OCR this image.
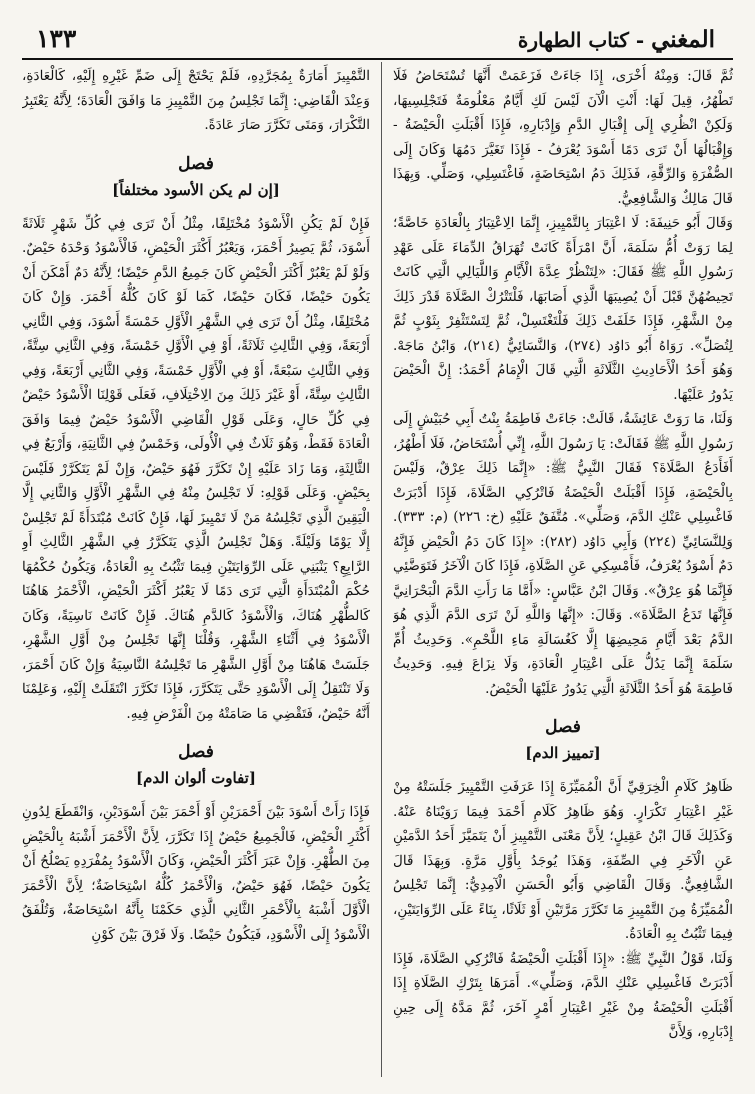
المغني - كتاب الطهارة
١٣٣

ثُمَّ قَالَ: وَمِنْهُ أُخْرَى، إِذَا جَاءَتْ فَزَعَمَتْ أَنَّهَا تُسْتَحَاضُ فَلَا تَطْهُرُ، قِيلَ لَهَا: أَنْتِ الْآنَ لَيْسَ لَكِ أَيَّامٌ مَعْلُومَةٌ فَتَجْلِسِيهَا، وَلَكِنْ انْظُرِي إِلَى إِقْبَالِ الدَّمِ وَإِدْبَارِهِ، فَإِذَا أَقْبَلَتِ الْحَيْضَةُ - وَإِقْبَالُهَا أَنْ تَرَى دَمًا أَسْوَدَ يُعْرَفُ - فَإِذَا تَغَيَّرَ دَمُهَا وَكَانَ إِلَى الصُّفْرَةِ وَالرِّقَّةِ، فَذَلِكَ دَمُ اسْتِحَاضَةٍ، فَاغْتَسِلِي، وَصَلِّي. وَبِهَذَا قَالَ مَالِكٌ وَالشَّافِعِيُّ.

وَقَالَ أَبُو حَنِيفَةَ: لَا اعْتِبَارَ بِالتَّمْيِيزِ، إِنَّمَا الِاعْتِبَارُ بِالْعَادَةِ خَاصَّةً؛ لِمَا رَوَتْ أُمُّ سَلَمَةَ، أَنَّ امْرَأَةً كَانَتْ تُهَرَاقُ الدِّمَاءَ عَلَى عَهْدِ رَسُولِ اللَّهِ ﷺ فَقَالَ: «لِتَنْظُرْ عِدَّةَ الْأَيَّامِ وَاللَّيَالِي الَّتِي كَانَتْ تَحِيضُهُنَّ قَبْلَ أَنْ يُصِيبَهَا الَّذِي أَصَابَهَا، فَلْتَتْرُكْ الصَّلَاةَ قَدْرَ ذَلِكَ مِنْ الشَّهْرِ، فَإِذَا خَلَفَتْ ذَلِكَ فَلْتَغْتَسِلْ، ثُمَّ لِتَسْتَثْفِرْ بِثَوْبٍ ثُمَّ لِتُصَلِّ». رَوَاهُ أَبُو دَاوُد (٢٧٤)، وَالنَّسَائِيُّ (٢١٤)، وَابْنُ مَاجَهْ. وَهُوَ أَحَدُ الْأَحَادِيثِ الثَّلَاثَةِ الَّتِي قَالَ الْإِمَامُ أَحْمَدُ: إِنَّ الْحَيْضَ يَدُورُ عَلَيْهَا.

وَلَنَا، مَا رَوَتْ عَائِشَةُ، قَالَتْ: جَاءَتْ فَاطِمَةُ بِنْتُ أَبِي حُبَيْشٍ إِلَى رَسُولِ اللَّهِ ﷺ فَقَالَتْ: يَا رَسُولَ اللَّهِ، إِنِّي أُسْتَحَاضُ، فَلَا أَطْهُرُ، أَفَأَدَعُ الصَّلَاةَ؟ فَقَالَ النَّبِيُّ ﷺ: «إِنَّمَا ذَلِكَ عِرْقٌ، وَلَيْسَ بِالْحَيْضَةِ، فَإِذَا أَقْبَلَتْ الْحَيْضَةُ فَاتْرُكِي الصَّلَاةَ، فَإِذَا أَدْبَرَتْ فَاغْسِلِي عَنْكِ الدَّمَ، وَصَلِّي». مُتَّفَقٌ عَلَيْهِ (خ: ٢٢٦) (م: ٣٣٣). وَلِلنَّسَائِيِّ (٢٢٤) وَأَبِي دَاوُد (٢٨٢): «إِذَا كَانَ دَمُ الْحَيْضِ فَإِنَّهُ دَمٌ أَسْوَدُ يُعْرَفُ، فَأَمْسِكِي عَنِ الصَّلَاةِ، فَإِذَا كَانَ الْآخَرُ فَتَوَضَّئِي فَإِنَّمَا هُوَ عِرْقٌ». وَقَالَ ابْنُ عَبَّاسٍ: «أَمَّا مَا رَأَتِ الدَّمَ الْبَحْرَانِيَّ فَإِنَّهَا تَدَعُ الصَّلَاةَ». وَقَالَ: «إِنَّهَا وَاللَّهِ لَنْ تَرَى الدَّمَ الَّذِي هُوَ الدَّمُ بَعْدَ أَيَّامِ مَحِيضِهَا إِلَّا كَغُسَالَةِ مَاءِ اللَّحْمِ». وَحَدِيثُ أُمِّ سَلَمَةَ إِنَّمَا يَدُلُّ عَلَى اعْتِبَارِ الْعَادَةِ، وَلَا نِزَاعَ فِيهِ. وَحَدِيثُ فَاطِمَةَ هُوَ أَحَدُ الثَّلَاثَةِ الَّتِي يَدُورُ عَلَيْهَا الْحَيْضُ.

فصل
[تمييز الدم]

ظَاهِرُ كَلَامِ الْخِرَقِيِّ أَنَّ الْمُمَيِّزَةَ إِذَا عَرَفَتِ التَّمْيِيزَ جَلَسَتْهُ مِنْ غَيْرِ اعْتِبَارِ تَكْرَارٍ. وَهُوَ ظَاهِرُ كَلَامِ أَحْمَدَ فِيمَا رَوَيْنَاهُ عَنْهُ. وَكَذَلِكَ قَالَ ابْنُ عَقِيلٍ؛ لِأَنَّ مَعْنَى التَّمْيِيزِ أَنْ يَتَمَيَّزَ أَحَدُ الدَّمَيْنِ عَنِ الْآخَرِ فِي الصِّفَةِ، وَهَذَا يُوجَدُ بِأَوَّلِ مَرَّةٍ. وَبِهَذَا قَالَ الشَّافِعِيُّ. وَقَالَ الْقَاضِي وَأَبُو الْحَسَنِ الْآمِدِيُّ: إِنَّمَا تَجْلِسُ الْمُمَيِّزَةُ مِنَ التَّمْيِيزِ مَا تَكَرَّرَ مَرَّتَيْنِ أَوْ ثَلَاثًا، بِنَاءً عَلَى الرِّوَايَتَيْنِ، فِيمَا تَثْبُتُ بِهِ الْعَادَةُ.

وَلَنَا، قَوْلُ النَّبِيِّ ﷺ: «إِذَا أَقْبَلَتِ الْحَيْضَةُ فَاتْرُكِي الصَّلَاةَ، فَإِذَا أَدْبَرَتْ فَاغْسِلِي عَنْكِ الدَّمَ، وَصَلِّي». أَمَرَهَا بِتَرْكِ الصَّلَاةِ إِذَا أَقْبَلَتِ الْحَيْضَةُ مِنْ غَيْرِ اعْتِبَارِ أَمْرٍ آخَرَ، ثُمَّ مَدَّهُ إِلَى حِينِ إِدْبَارِهِ، وَلِأَنَّ

التَّمْيِيزَ أَمَارَةٌ بِمُجَرَّدِهِ، فَلَمْ يَحْتَجْ إِلَى ضَمِّ غَيْرِهِ إِلَيْهِ، كَالْعَادَةِ، وَعِنْدَ الْقَاضِي: إِنَّمَا تَجْلِسُ مِنَ التَّمْيِيزِ مَا وَافَقَ الْعَادَةَ؛ لِأَنَّهُ يَعْتَبِرُ التَّكْرَارَ، وَمَتَى تَكَرَّرَ صَارَ عَادَةً.

فصل
[إن لم يكن الأسود مختلفاً]

فَإِنْ لَمْ يَكُنِ الْأَسْوَدُ مُخْتَلِفًا، مِثْلُ أَنْ تَرَى فِي كُلِّ شَهْرٍ ثَلَاثَةً أَسْوَدَ، ثُمَّ يَصِيرُ أَحْمَرَ، وَيَعْبُرُ أَكْثَرَ الْحَيْضِ، فَالْأَسْوَدُ وَحْدَهُ حَيْضٌ. وَلَوْ لَمْ يَعْبُرْ أَكْثَرَ الْحَيْضِ كَانَ جَمِيعُ الدَّمِ حَيْضًا؛ لِأَنَّهُ دَمٌ أَمْكَنَ أَنْ يَكُونَ حَيْضًا، فَكَانَ حَيْضًا، كَمَا لَوْ كَانَ كُلُّهُ أَحْمَرَ. وَإِنْ كَانَ مُخْتَلِفًا، مِثْلُ أَنْ تَرَى فِي الشَّهْرِ الْأَوَّلِ خَمْسَةً أَسْوَدَ، وَفِي الثَّانِي أَرْبَعَةً، وَفِي الثَّالِثِ ثَلَاثَةً، أَوْ فِي الْأَوَّلِ خَمْسَةً، وَفِي الثَّانِي سِتَّةً، وَفِي الثَّالِثِ سَبْعَةً، أَوْ فِي الْأَوَّلِ خَمْسَةً، وَفِي الثَّانِي أَرْبَعَةً، وَفِي الثَّالِثِ سِتَّةً، أَوْ غَيْرَ ذَلِكَ مِنَ الِاخْتِلَافِ، فَعَلَى قَوْلِنَا الْأَسْوَدُ حَيْضٌ فِي كُلِّ حَالٍ، وَعَلَى قَوْلِ الْقَاضِي الْأَسْوَدُ حَيْضٌ فِيمَا وَافَقَ الْعَادَةَ فَقَطْ، وَهُوَ ثَلَاثٌ فِي الْأُولَى، وَخَمْسٌ فِي الثَّانِيَةِ، وَأَرْبَعٌ فِي الثَّالِثَةِ، وَمَا زَادَ عَلَيْهِ إِنْ تَكَرَّرَ فَهُوَ حَيْضٌ، وَإِنْ لَمْ يَتَكَرَّرْ فَلَيْسَ بِحَيْضٍ. وَعَلَى قَوْلِهِ: لَا تَجْلِسُ مِنْهُ فِي الشَّهْرِ الْأَوَّلِ وَالثَّانِي إِلَّا الْيَقِينَ الَّذِي تَجْلِسُهُ مَنْ لَا تَمْيِيزَ لَهَا، فَإِنْ كَانَتْ مُبْتَدَأَةً لَمْ تَجْلِسْ إِلَّا يَوْمًا وَلَيْلَةً. وَهَلْ تَجْلِسُ الَّذِي يَتَكَرَّرُ فِي الشَّهْرِ الثَّالِثِ أَوِ الرَّابِعِ؟ يَنْبَنِي عَلَى الرِّوَايَتَيْنِ فِيمَا تَثْبُتُ بِهِ الْعَادَةُ، وَيَكُونُ حُكْمُهَا حُكْمَ الْمُبْتَدَأَةِ الَّتِي تَرَى دَمًا لَا يَعْبُرُ أَكْثَرَ الْحَيْضِ، الْأَحْمَرُ هَاهُنَا كَالطُّهْرِ هُنَاكَ، وَالْأَسْوَدُ كَالدَّمِ هُنَاكَ. فَإِنْ كَانَتْ نَاسِيَةً، وَكَانَ الْأَسْوَدُ فِي أَثْنَاءِ الشَّهْرِ، وَقُلْنَا إِنَّهَا تَجْلِسُ مِنْ أَوَّلِ الشَّهْرِ، جَلَسَتْ هَاهُنَا مِنْ أَوَّلِ الشَّهْرِ مَا تَجْلِسُهُ النَّاسِيَةُ وَإِنْ كَانَ أَحْمَرَ، وَلَا تَنْتَقِلُ إِلَى الْأَسْوَدِ حَتَّى يَتَكَرَّرَ، فَإِذَا تَكَرَّرَ انْتَقَلَتْ إِلَيْهِ، وَعَلِمْنَا أَنَّهُ حَيْضٌ، فَتَقْضِي مَا صَامَتْهُ مِنَ الْفَرْضِ فِيهِ.

فصل
[تفاوت ألوان الدم]

فَإِذَا رَأَتْ أَسْوَدَ بَيْنَ أَحْمَرَيْنِ أَوْ أَحْمَرَ بَيْنَ أَسْوَدَيْنِ، وَانْقَطَعَ لِدُونِ أَكْثَرِ الْحَيْضِ، فَالْجَمِيعُ حَيْضٌ إِذَا تَكَرَّرَ، لِأَنَّ الْأَحْمَرَ أَشْبَهُ بِالْحَيْضِ مِنَ الطُّهْرِ. وَإِنْ عَبَرَ أَكْثَرَ الْحَيْضِ، وَكَانَ الْأَسْوَدُ بِمُفْرَدِهِ يَصْلُحُ أَنْ يَكُونَ حَيْضًا، فَهُوَ حَيْضٌ، وَالْأَحْمَرُ كُلُّهُ اسْتِحَاضَةٌ؛ لِأَنَّ الْأَحْمَرَ الْأَوَّلَ أَشْبَهُ بِالْأَحْمَرِ الثَّانِي الَّذِي حَكَمْنَا بِأَنَّهُ اسْتِحَاضَةٌ، وَتُلْفَقُ الْأَسْوَدُ إِلَى الْأَسْوَدِ، فَيَكُونُ حَيْضًا. وَلَا فَرْقَ بَيْنَ كَوْنِ
